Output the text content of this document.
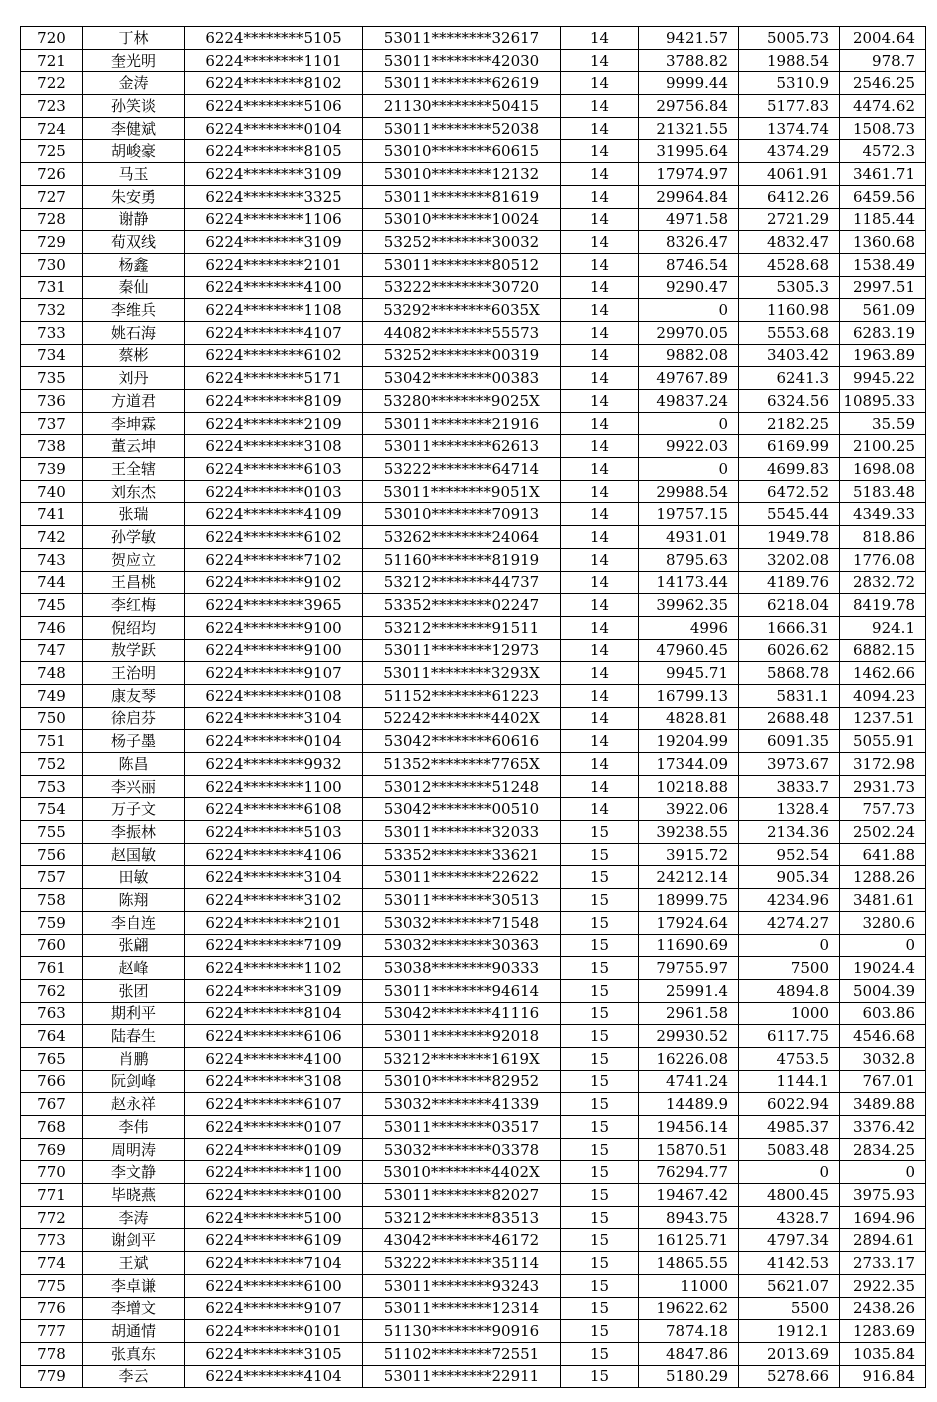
720	丁林	6224********5105	53011********32617	14	9421.57	5005.73	2004.64
721	奎光明	6224********1101	53011********42030	14	3788.82	1988.54	978.7
722	金涛	6224********8102	53011********62619	14	9999.44	5310.9	2546.25
723	孙笑谈	6224********5106	21130********50415	14	29756.84	5177.83	4474.62
724	李健斌	6224********0104	53011********52038	14	21321.55	1374.74	1508.73
725	胡峻豪	6224********8105	53010********60615	14	31995.64	4374.29	4572.3
726	马玉	6224********3109	53010********12132	14	17974.97	4061.91	3461.71
727	朱安勇	6224********3325	53011********81619	14	29964.84	6412.26	6459.56
728	谢静	6224********1106	53010********10024	14	4971.58	2721.29	1185.44
729	荀双线	6224********3109	53252********30032	14	8326.47	4832.47	1360.68
730	杨鑫	6224********2101	53011********80512	14	8746.54	4528.68	1538.49
731	秦仙	6224********4100	53222********30720	14	9290.47	5305.3	2997.51
732	李维兵	6224********1108	53292********6035X	14	0	1160.98	561.09
733	姚石海	6224********4107	44082********55573	14	29970.05	5553.68	6283.19
734	蔡彬	6224********6102	53252********00319	14	9882.08	3403.42	1963.89
735	刘丹	6224********5171	53042********00383	14	49767.89	6241.3	9945.22
736	方道君	6224********8109	53280********9025X	14	49837.24	6324.56	10895.33
737	李坤霖	6224********2109	53011********21916	14	0	2182.25	35.59
738	董云坤	6224********3108	53011********62613	14	9922.03	6169.99	2100.25
739	王全辖	6224********6103	53222********64714	14	0	4699.83	1698.08
740	刘东杰	6224********0103	53011********9051X	14	29988.54	6472.52	5183.48
741	张瑞	6224********4109	53010********70913	14	19757.15	5545.44	4349.33
742	孙学敏	6224********6102	53262********24064	14	4931.01	1949.78	818.86
743	贺应立	6224********7102	51160********81919	14	8795.63	3202.08	1776.08
744	王昌桃	6224********9102	53212********44737	14	14173.44	4189.76	2832.72
745	李红梅	6224********3965	53352********02247	14	39962.35	6218.04	8419.78
746	倪绍均	6224********9100	53212********91511	14	4996	1666.31	924.1
747	敖学跃	6224********9100	53011********12973	14	47960.45	6026.62	6882.15
748	王治明	6224********9107	53011********3293X	14	9945.71	5868.78	1462.66
749	康友琴	6224********0108	51152********61223	14	16799.13	5831.1	4094.23
750	徐启芬	6224********3104	52242********4402X	14	4828.81	2688.48	1237.51
751	杨子墨	6224********0104	53042********60616	14	19204.99	6091.35	5055.91
752	陈昌	6224********9932	51352********7765X	14	17344.09	3973.67	3172.98
753	李兴丽	6224********1100	53012********51248	14	10218.88	3833.7	2931.73
754	万子文	6224********6108	53042********00510	14	3922.06	1328.4	757.73
755	李振林	6224********5103	53011********32033	15	39238.55	2134.36	2502.24
756	赵国敏	6224********4106	53352********33621	15	3915.72	952.54	641.88
757	田敏	6224********3104	53011********22622	15	24212.14	905.34	1288.26
758	陈翔	6224********3102	53011********30513	15	18999.75	4234.96	3481.61
759	李自连	6224********2101	53032********71548	15	17924.64	4274.27	3280.6
760	张翩	6224********7109	53032********30363	15	11690.69	0	0
761	赵峰	6224********1102	53038********90333	15	79755.97	7500	19024.4
762	张团	6224********3109	53011********94614	15	25991.4	4894.8	5004.39
763	期利平	6224********8104	53042********41116	15	2961.58	1000	603.86
764	陆春生	6224********6106	53011********92018	15	29930.52	6117.75	4546.68
765	肖鹏	6224********4100	53212********1619X	15	16226.08	4753.5	3032.8
766	阮剑峰	6224********3108	53010********82952	15	4741.24	1144.1	767.01
767	赵永祥	6224********6107	53032********41339	15	14489.9	6022.94	3489.88
768	李伟	6224********0107	53011********03517	15	19456.14	4985.37	3376.42
769	周明涛	6224********0109	53032********03378	15	15870.51	5083.48	2834.25
770	李文静	6224********1100	53010********4402X	15	76294.77	0	0
771	毕晓燕	6224********0100	53011********82027	15	19467.42	4800.45	3975.93
772	李涛	6224********5100	53212********83513	15	8943.75	4328.7	1694.96
773	谢剑平	6224********6109	43042********46172	15	16125.71	4797.34	2894.61
774	王斌	6224********7104	53222********35114	15	14865.55	4142.53	2733.17
775	李卓谦	6224********6100	53011********93243	15	11000	5621.07	2922.35
776	李增文	6224********9107	53011********12314	15	19622.62	5500	2438.26
777	胡通情	6224********0101	51130********90916	15	7874.18	1912.1	1283.69
778	张真东	6224********3105	51102********72551	15	4847.86	2013.69	1035.84
779	李云	6224********4104	53011********22911	15	5180.29	5278.66	916.84
